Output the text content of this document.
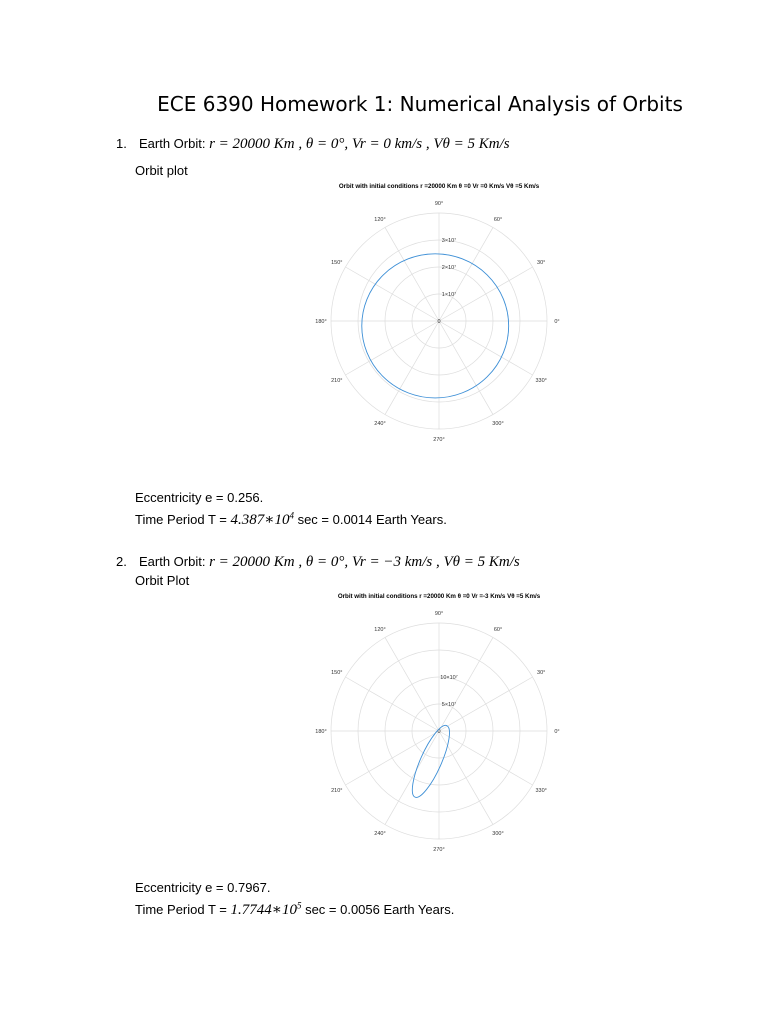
ECE 6390 Homework 1: Numerical Analysis of Orbits
1. Earth Orbit: r = 20000 Km , θ = 0°, Vr = 0 km/s , Vθ = 5 Km/s
Orbit plot
Orbit with initial conditions r =20000 Km θ =0 Vr =0 Km/s Vθ =5 Km/s
0°
30°
60°
90°
120°
150°
180°
210°
240°
270°
300°
330°
0
1×10⁷
2×10⁷
3×10⁷
Eccentricity e = 0.256.
Time Period $T = 4.387∗10^4$ sec = 0.0014 Earth Years.
2. Earth Orbit: r = 20000 Km , θ = 0°, Vr = −3 km/s , Vθ = 5 Km/s
Orbit Plot
Orbit with initial conditions r =20000 Km θ =0 Vr =-3 Km/s Vθ =5 Km/s
0°
30°
60°
90°
120°
150°
180°
210°
240°
270°
300°
330°
0
5×10⁷
10×10⁷
Eccentricity e = 0.7967.
Time Period $T = 1.7744∗10^5$ sec = 0.0056 Earth Years.
